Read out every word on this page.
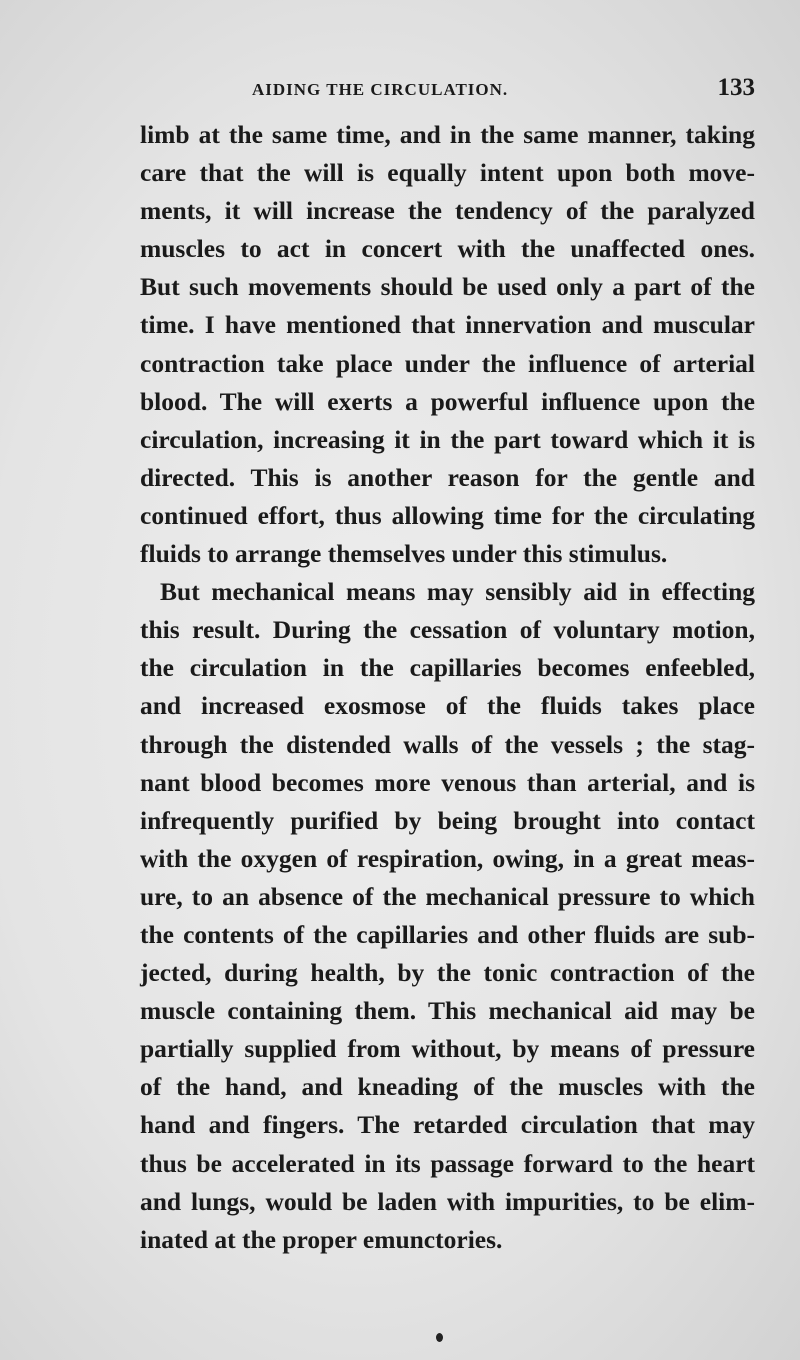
AIDING THE CIRCULATION.	133
limb at the same time, and in the same manner, taking
care that the will is equally intent upon both move-
ments, it will increase the tendency of the paralyzed
muscles to act in concert with the unaffected ones.
But such movements should be used only a part of the
time. I have mentioned that innervation and muscular
contraction take place under the influence of arterial
blood. The will exerts a powerful influence upon the
circulation, increasing it in the part toward which it is
directed. This is another reason for the gentle and
continued effort, thus allowing time for the circulating
fluids to arrange themselves under this stimulus.
But mechanical means may sensibly aid in effecting
this result. During the cessation of voluntary motion,
the circulation in the capillaries becomes enfeebled,
and increased exosmose of the fluids takes place
through the distended walls of the vessels ; the stag-
nant blood becomes more venous than arterial, and is
infrequently purified by being brought into contact
with the oxygen of respiration, owing, in a great meas-
ure, to an absence of the mechanical pressure to which
the contents of the capillaries and other fluids are sub-
jected, during health, by the tonic contraction of the
muscle containing them. This mechanical aid may be
partially supplied from without, by means of pressure
of the hand, and kneading of the muscles with the
hand and fingers. The retarded circulation that may
thus be accelerated in its passage forward to the heart
and lungs, would be laden with impurities, to be elim-
inated at the proper emunctories.
